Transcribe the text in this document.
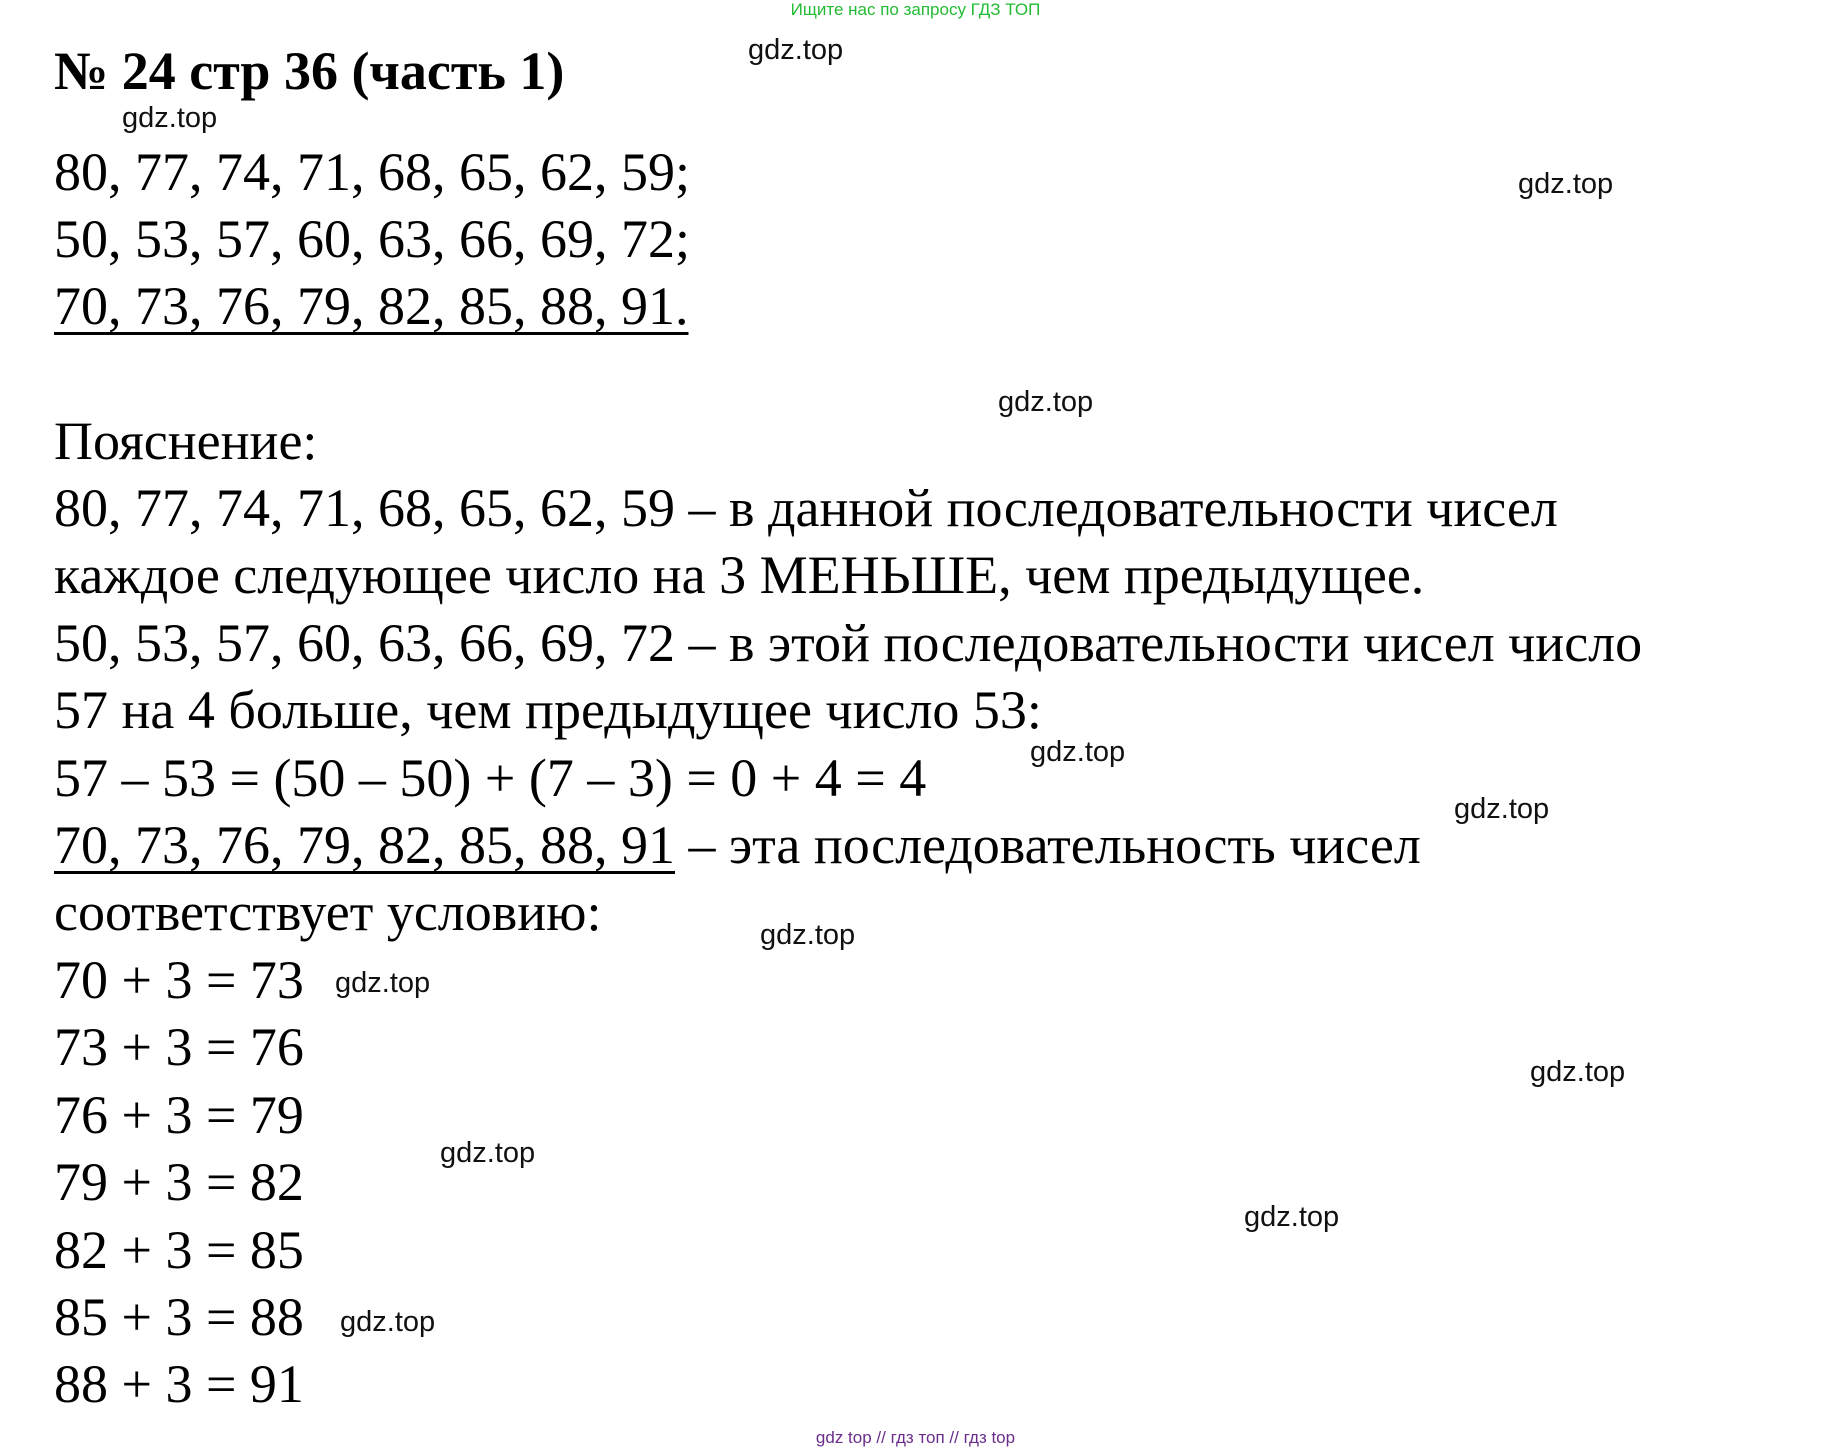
Ищите нас по запросу ГДЗ ТОП
№ 24 стр 36 (часть 1)
80, 77, 74, 71, 68, 65, 62, 59;
50, 53, 57, 60, 63, 66, 69, 72;
70, 73, 76, 79, 82, 85, 88, 91.
Пояснение:
80, 77, 74, 71, 68, 65, 62, 59 – в данной последовательности чисел
каждое следующее число на 3 МЕНЬШЕ, чем предыдущее.
50, 53, 57, 60, 63, 66, 69, 72 – в этой последовательности чисел число
57 на 4 больше, чем предыдущее число 53:
57 – 53 = (50 – 50) + (7 – 3) = 0 + 4 = 4
70, 73, 76, 79, 82, 85, 88, 91 – эта последовательность чисел
соответствует условию:
70 + 3 = 73
73 + 3 = 76
76 + 3 = 79
79 + 3 = 82
82 + 3 = 85
85 + 3 = 88
88 + 3 = 91
gdz.top
gdz.top
gdz.top
gdz.top
gdz.top
gdz.top
gdz.top
gdz.top
gdz.top
gdz.top
gdz.top
gdz.top
gdz top // гдз топ // гдз top
